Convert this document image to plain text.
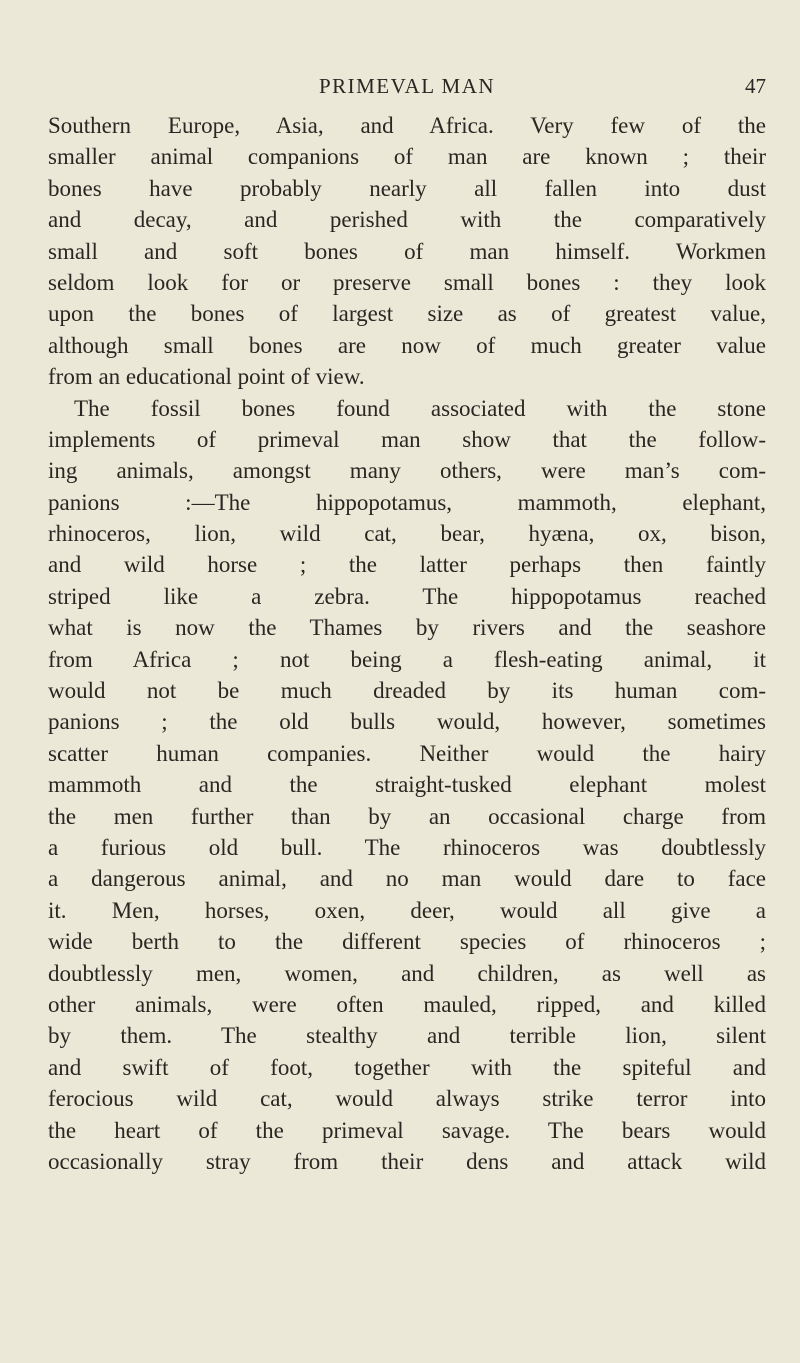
PRIMEVAL MAN	47
Southern Europe, Asia, and Africa. Very few of the
smaller animal companions of man are known ; their
bones have probably nearly all fallen into dust
and decay, and perished with the comparatively
small and soft bones of man himself. Workmen
seldom look for or preserve small bones : they look
upon the bones of largest size as of greatest value,
although small bones are now of much greater value
from an educational point of view.
The fossil bones found associated with the stone
implements of primeval man show that the follow-
ing animals, amongst many others, were man’s com-
panions :—The hippopotamus, mammoth, elephant,
rhinoceros, lion, wild cat, bear, hyæna, ox, bison,
and wild horse ; the latter perhaps then faintly
striped like a zebra. The hippopotamus reached
what is now the Thames by rivers and the seashore
from Africa ; not being a flesh-eating animal, it
would not be much dreaded by its human com-
panions ; the old bulls would, however, sometimes
scatter human companies. Neither would the hairy
mammoth and the straight-tusked elephant molest
the men further than by an occasional charge from
a furious old bull. The rhinoceros was doubtlessly
a dangerous animal, and no man would dare to face
it. Men, horses, oxen, deer, would all give a
wide berth to the different species of rhinoceros ;
doubtlessly men, women, and children, as well as
other animals, were often mauled, ripped, and killed
by them. The stealthy and terrible lion, silent
and swift of foot, together with the spiteful and
ferocious wild cat, would always strike terror into
the heart of the primeval savage. The bears would
occasionally stray from their dens and attack wild
